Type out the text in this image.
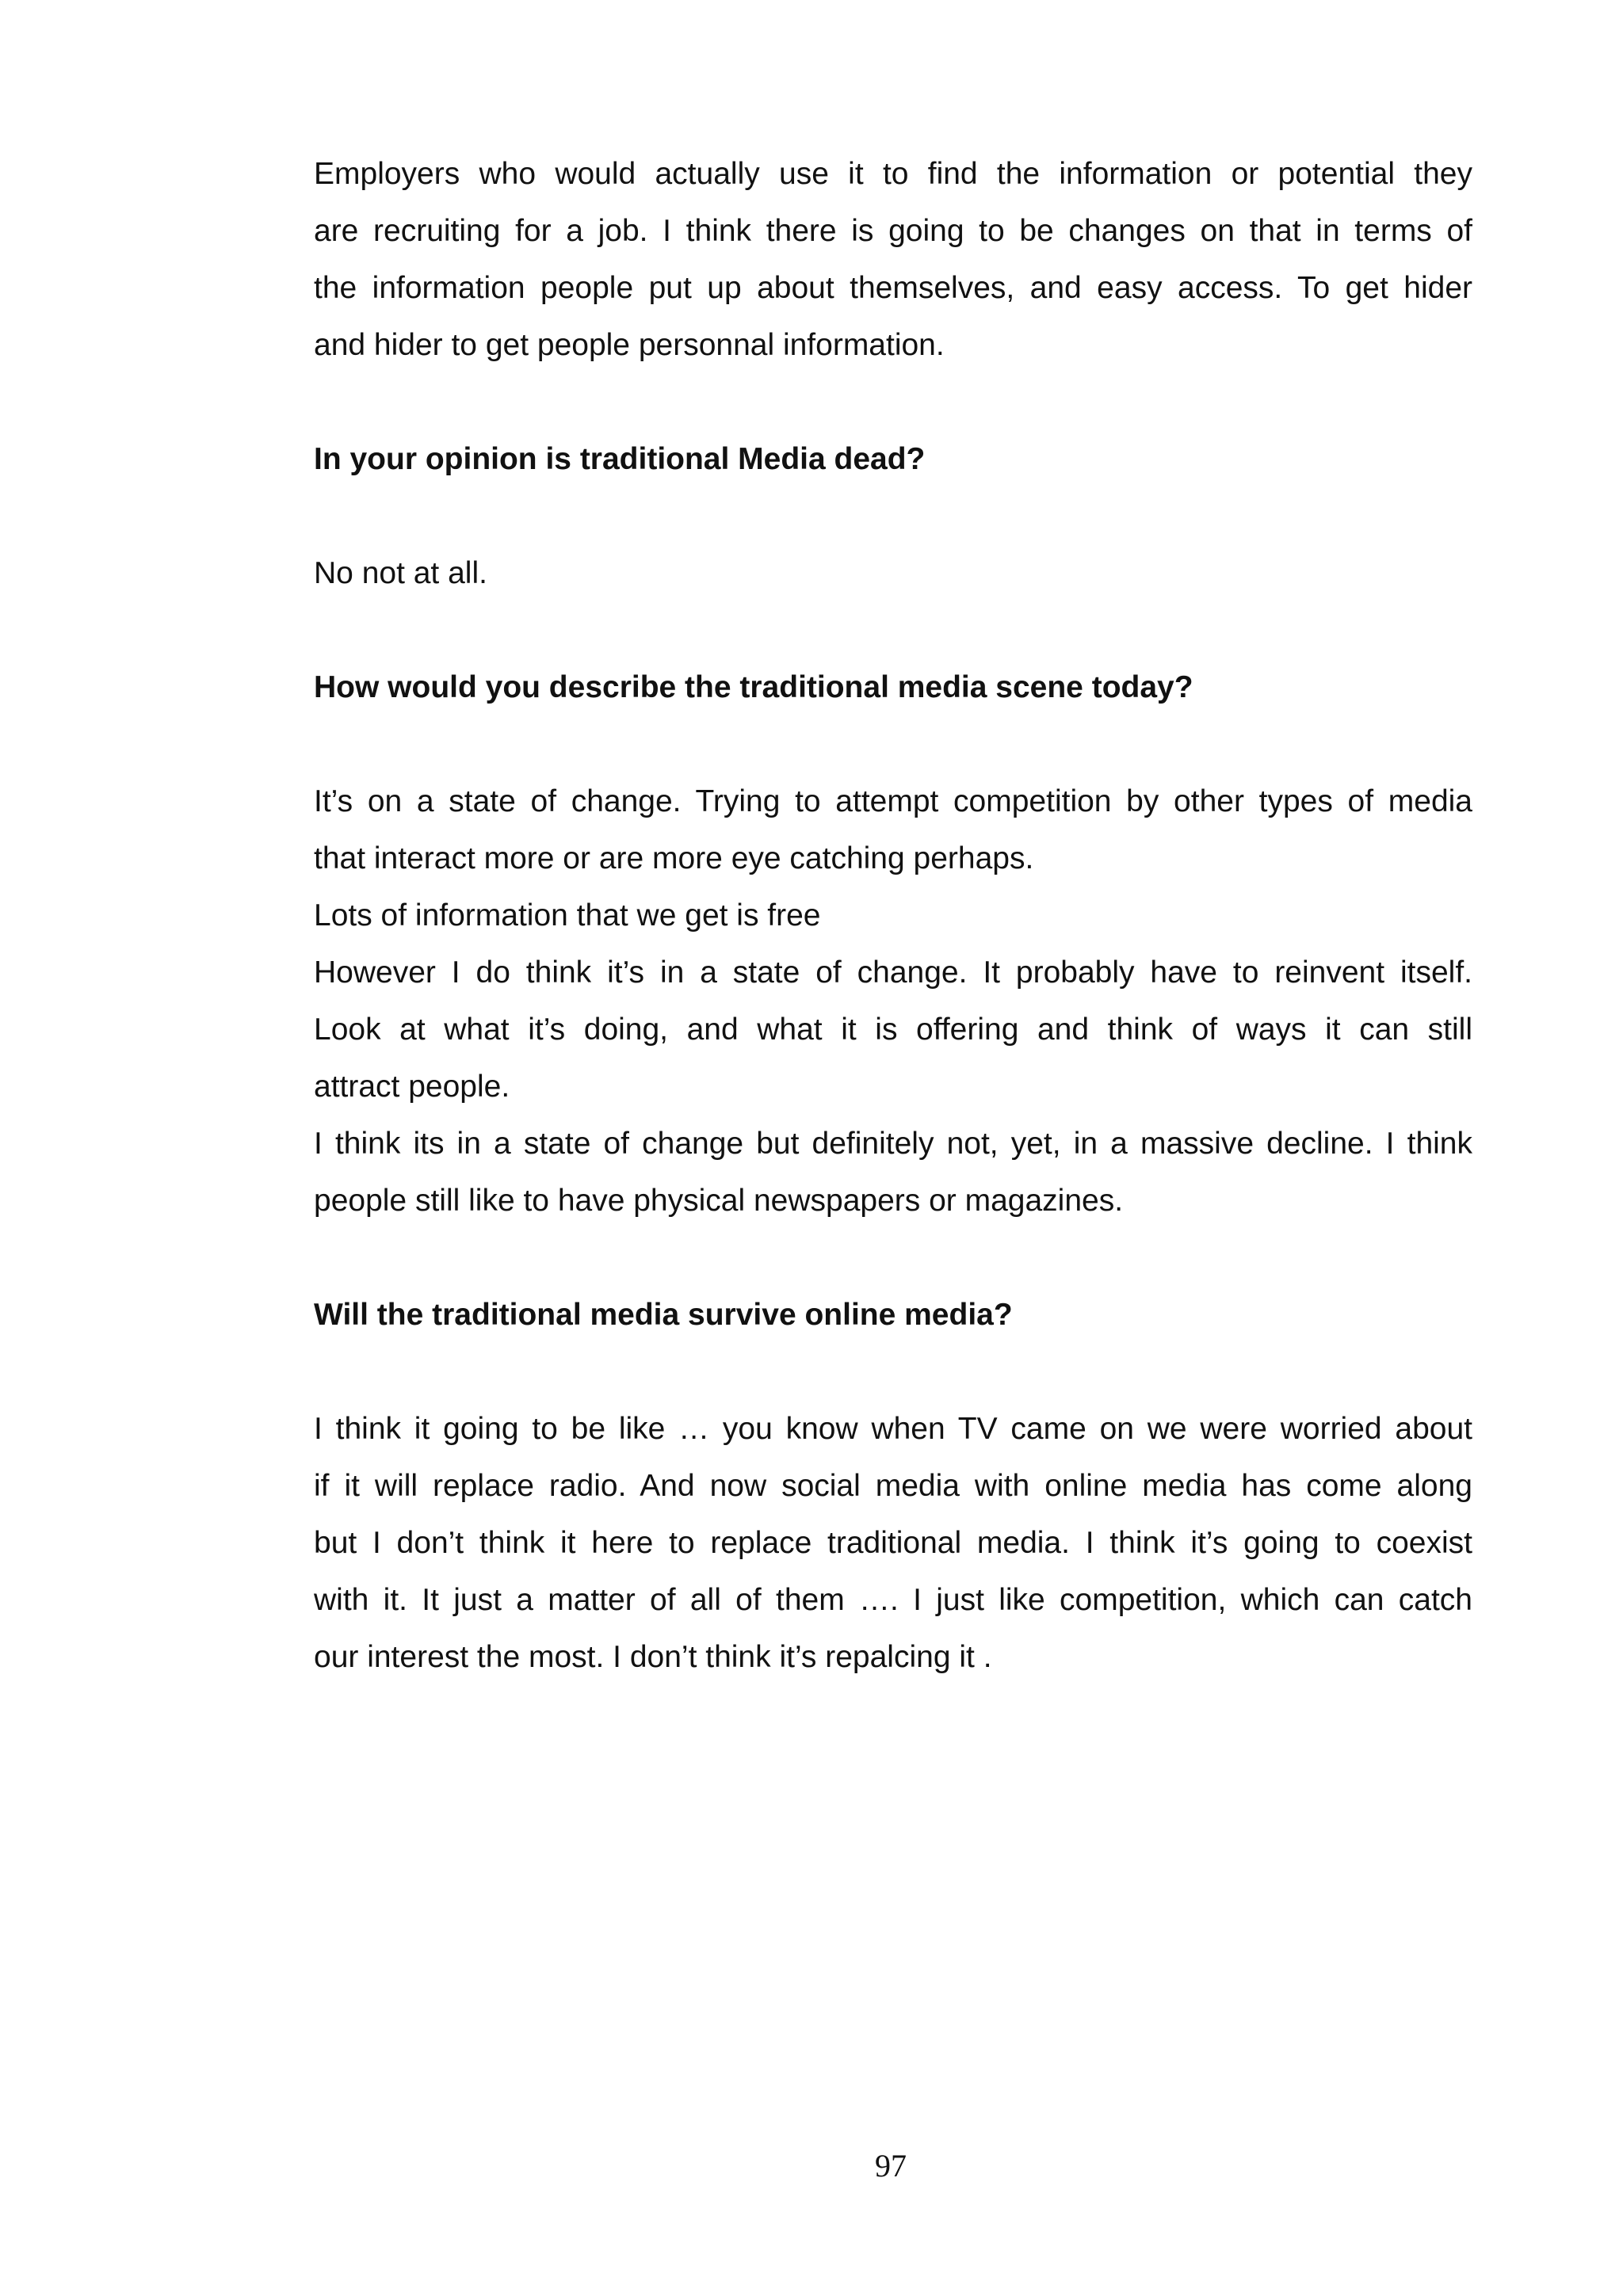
Employers who would actually use it to find the information or potential they

are recruiting for a job. I think there is going to be changes on that in terms of

the information people put up about themselves, and easy access. To get hider

and hider to get people personnal information.

In your opinion is traditional Media dead?

No not at all.

How would you describe the traditional media scene today?

It’s on a state of change. Trying to attempt competition by other types of media

that interact more or are more eye catching perhaps.

Lots of information that we get is free

However I do think it’s in a state of change. It probably have to reinvent itself.

Look at what it’s doing, and what it is offering and think of ways it can still

attract people.

I think its in a state of change but definitely not, yet, in a massive decline. I think

people still like to have physical newspapers or magazines.

Will the traditional media survive online media?

I think it going to be like … you know when TV came on we were worried about

if it will replace radio. And now social media with online media has come along

but I don’t think it here to replace traditional media. I think it’s going to coexist

with it. It just a matter of all of them …. I just like competition, which can catch

our interest the most. I don’t think it’s repalcing it .

97
